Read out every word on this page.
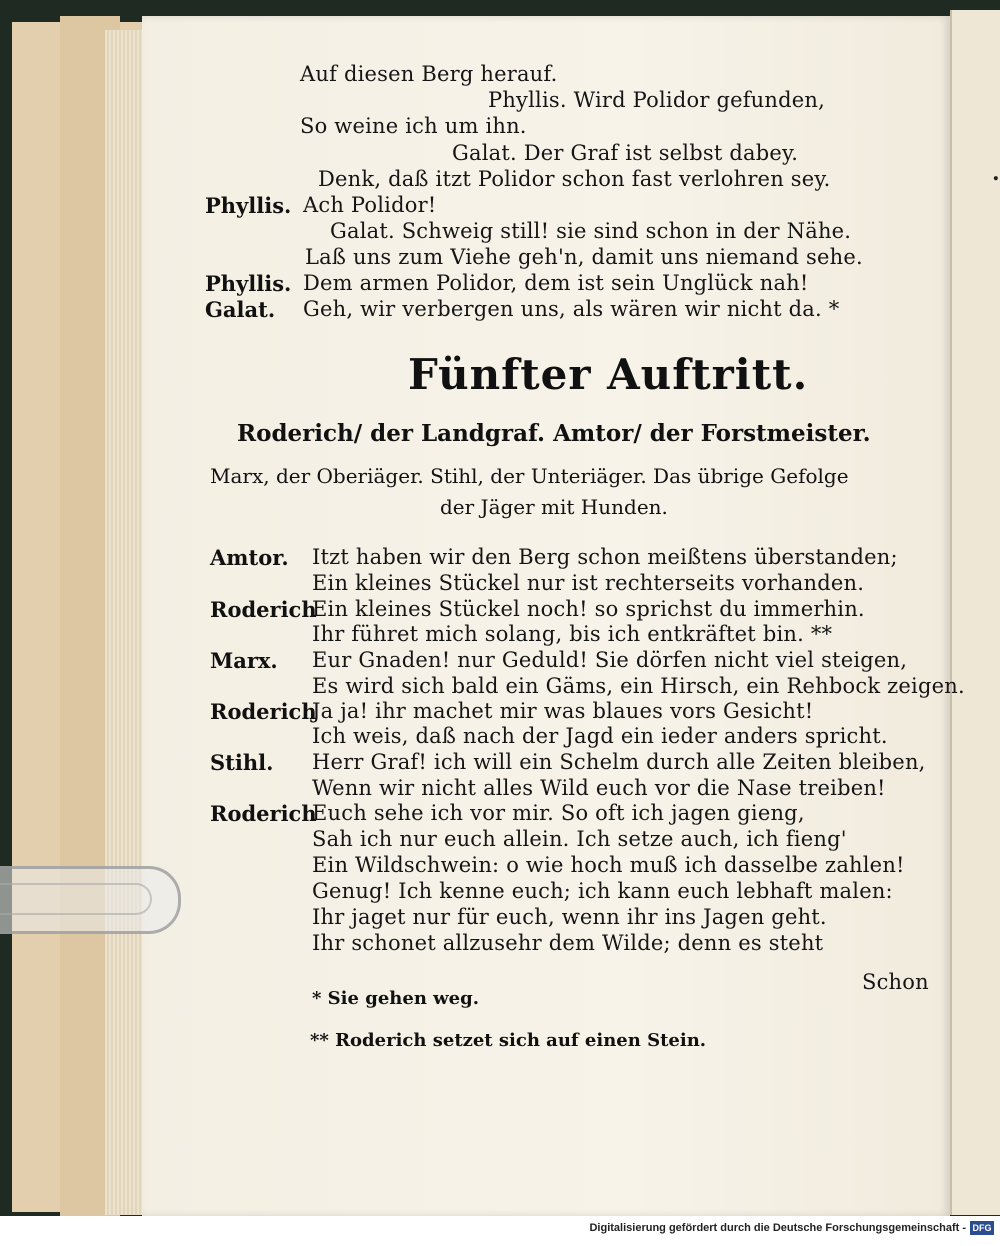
.
Auf diesen Berg herauf.
Phyllis. Wird Polidor gefunden,
So weine ich um ihn.
Galat. Der Graf ist selbst dabey.
Denk, daß itzt Polidor schon fast verlohren sey.
Phyllis. Ach Polidor!
Galat. Schweig still! sie sind schon in der Nähe.
Laß uns zum Viehe geh'n, damit uns niemand sehe.
Phyllis. Dem armen Polidor, dem ist sein Unglück nah!
Galat. Geh, wir verbergen uns, als wären wir nicht da. *
Fünfter Auftritt.
Roderich/ der Landgraf. Amtor/ der Forstmeister.
Marx, der Oberiäger. Stihl, der Unteriäger. Das übrige Gefolge
der Jäger mit Hunden.
Amtor. Itzt haben wir den Berg schon meißtens überstanden;
Ein kleines Stückel nur ist rechterseits vorhanden.
Roderich
Ein kleines Stückel noch! so sprichst du immerhin.
Ihr führet mich solang, bis ich entkräftet bin. **
Marx. Eur Gnaden! nur Geduld! Sie dörfen nicht viel steigen,
Es wird sich bald ein Gäms, ein Hirsch, ein Rehbock zeigen.
Roderich
Ja ja! ihr machet mir was blaues vors Gesicht!
Ich weis, daß nach der Jagd ein ieder anders spricht.
Stihl. Herr Graf! ich will ein Schelm durch alle Zeiten bleiben,
Wenn wir nicht alles Wild euch vor die Nase treiben!
Roderich
Euch sehe ich vor mir. So oft ich jagen gieng,
Sah ich nur euch allein. Ich setze auch, ich fieng'
Ein Wildschwein: o wie hoch muß ich dasselbe zahlen!
Genug! Ich kenne euch; ich kann euch lebhaft malen:
Ihr jaget nur für euch, wenn ihr ins Jagen geht.
Ihr schonet allzusehr dem Wilde; denn es steht
Schon
* Sie gehen weg.
** Roderich setzet sich auf einen Stein.
Digitalisierung gefördert durch die Deutsche Forschungsgemeinschaft - DFG
